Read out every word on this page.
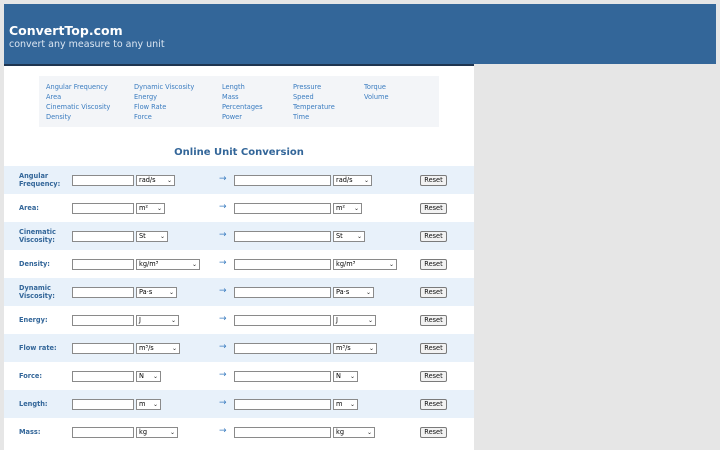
ConvertTop.com
convert any measure to any unit
Angular Frequency
Area
Cinematic Viscosity
Density
Dynamic Viscosity
Energy
Flow Rate
Force
Length
Mass
Percentages
Power
Pressure
Speed
Temperature
Time
Torque
Volume
Online Unit Conversion
Angular
Frequency:	rad/s ⌄	→	rad/s ⌄	Reset
Area:	m² ⌄	→	m² ⌄	Reset
Cinematic
Viscosity:	St ⌄	→	St ⌄	Reset
Density:	kg/m³	⌄ →	kg/m³	⌄	Reset
Dynamic
Viscosity:	Pa·s	⌄	→	Pa·s	⌄	Reset
Energy:	J	⌄	→	J	⌄	Reset
Flow rate:	m³/s	⌄	→	m³/s	⌄	Reset
Force:	N ⌄	→	N ⌄	Reset
Length:	m ⌄	→	m ⌄	Reset
Mass:	kg	⌄	→	kg	⌄	Reset
